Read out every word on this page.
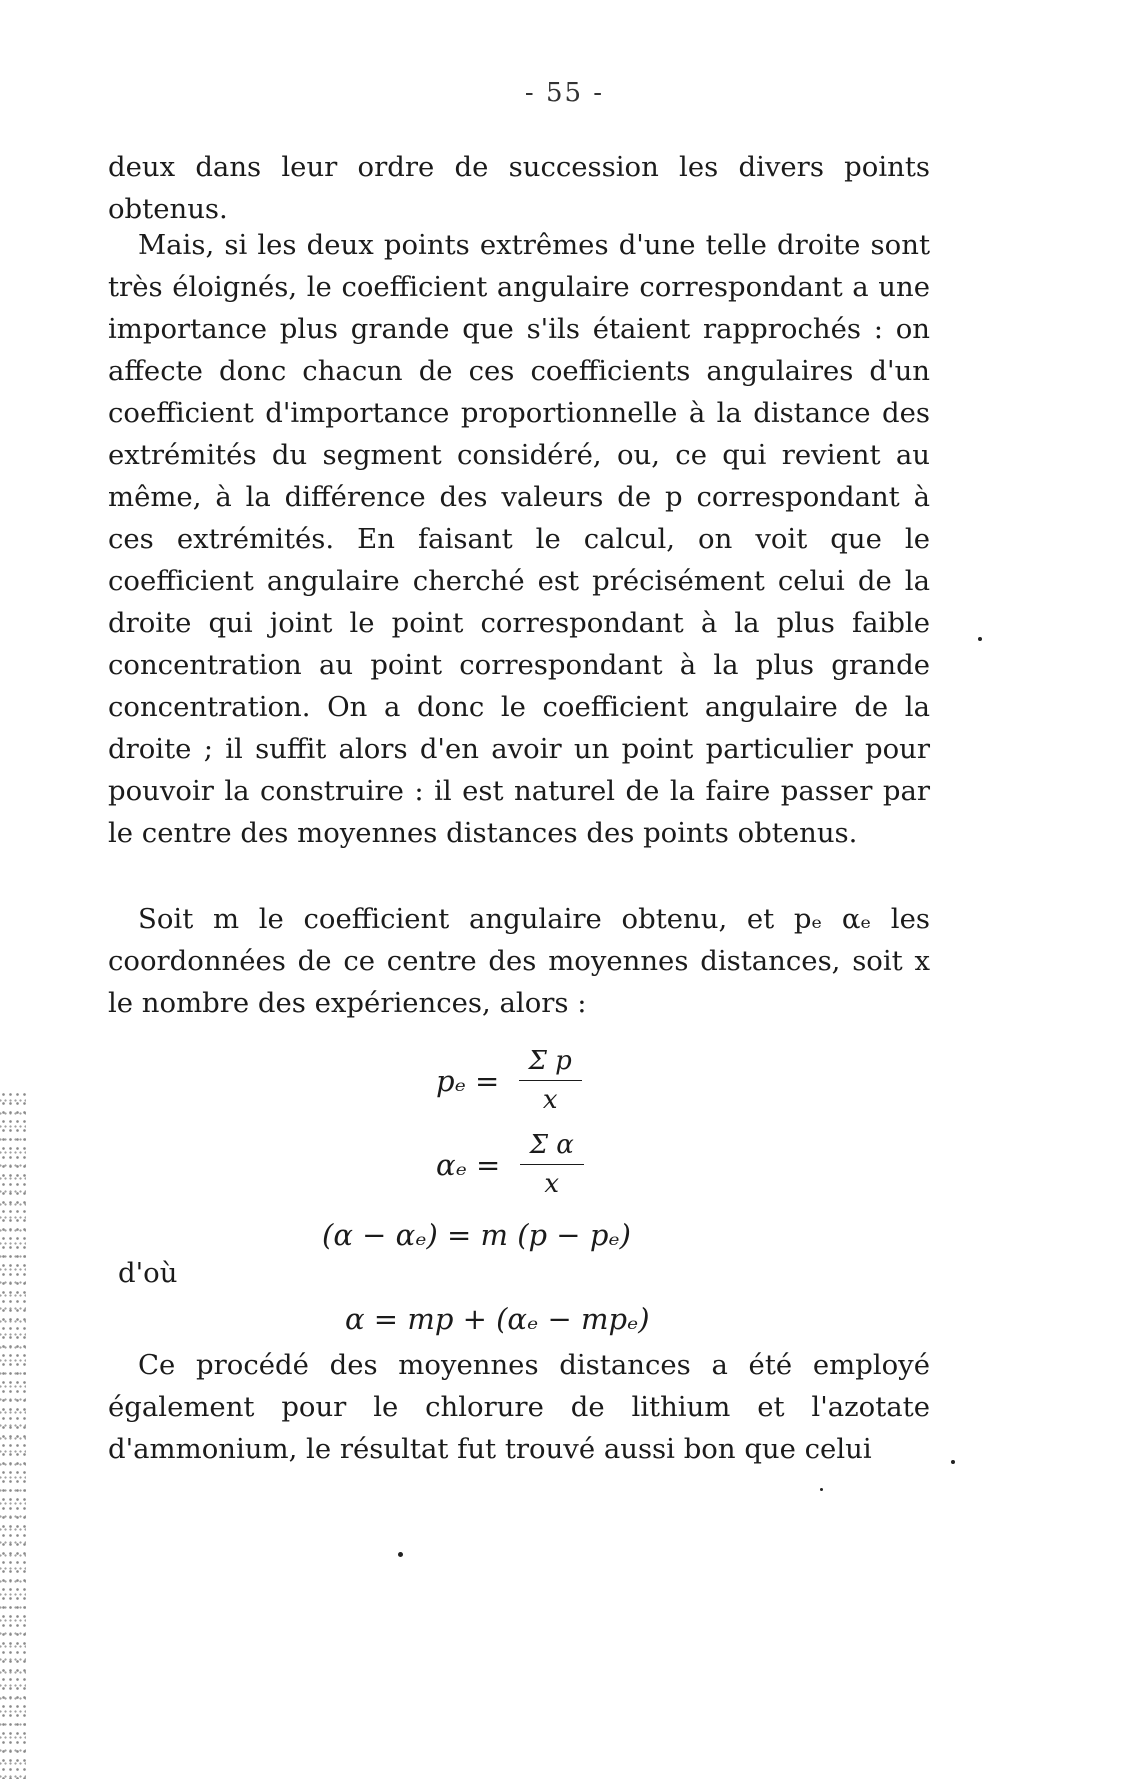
- 55 -

deux dans leur ordre de succession les divers points obtenus.

Mais, si les deux points extrêmes d'une telle droite sont très éloignés, le coefficient angulaire correspondant a une importance plus grande que s'ils étaient rapprochés : on affecte donc chacun de ces coefficients angulaires d'un coefficient d'importance proportionnelle à la distance des extrémités du segment considéré, ou, ce qui revient au même, à la différence des valeurs de p correspondant à ces extrémités. En faisant le calcul, on voit que le coefficient angulaire cherché est précisément celui de la droite qui joint le point correspondant à la plus faible concentration au point correspondant à la plus grande concentration. On a donc le coefficient angulaire de la droite ; il suffit alors d'en avoir un point particulier pour pouvoir la construire : il est naturel de la faire passer par le centre des moyennes distances des points obtenus.

Soit m le coefficient angulaire obtenu, et pₑ αₑ les coordonnées de ce centre des moyennes distances, soit x le nombre des expériences, alors :

$p_e = \frac{\text{Σ p}}{x}$
$\alpha_e = \frac{\text{Σ α}}{x}$
(α − αₑ) = m (p − pₑ)
d'où
α = mp + (αₑ − mpₑ)

Ce procédé des moyennes distances a été employé également pour le chlorure de lithium et l'azotate d'ammonium, le résultat fut trouvé aussi bon que celui
